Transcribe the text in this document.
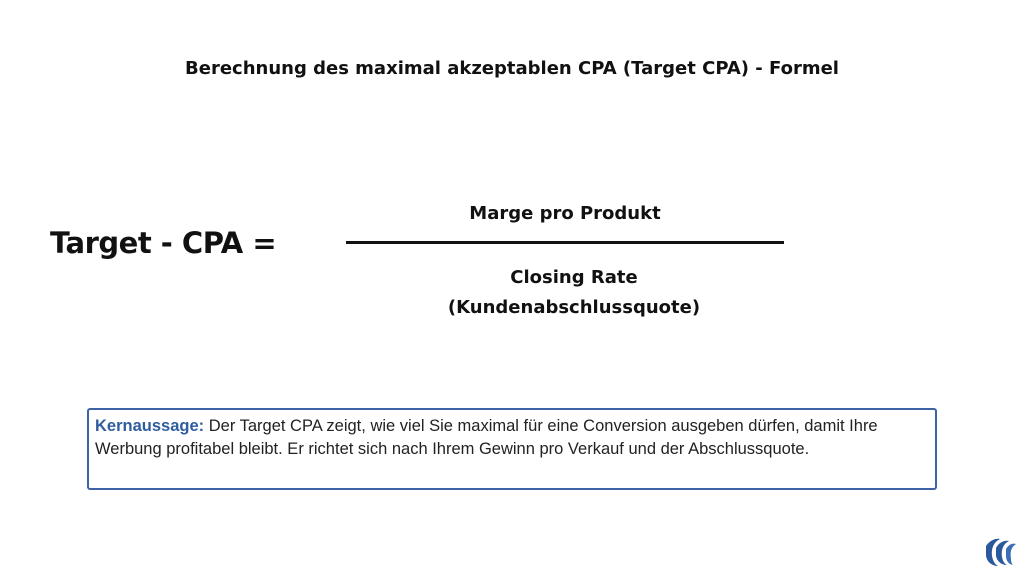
Berechnung des maximal akzeptablen CPA (Target CPA) - Formel
Target - CPA =
Marge pro Produkt
Closing Rate
(Kundenabschlussquote)

Kernaussage: Der Target CPA zeigt, wie viel Sie maximal für eine Conversion ausgeben dürfen, damit Ihre Werbung profitabel bleibt. Er richtet sich nach Ihrem Gewinn pro Verkauf und der Abschlussquote.
